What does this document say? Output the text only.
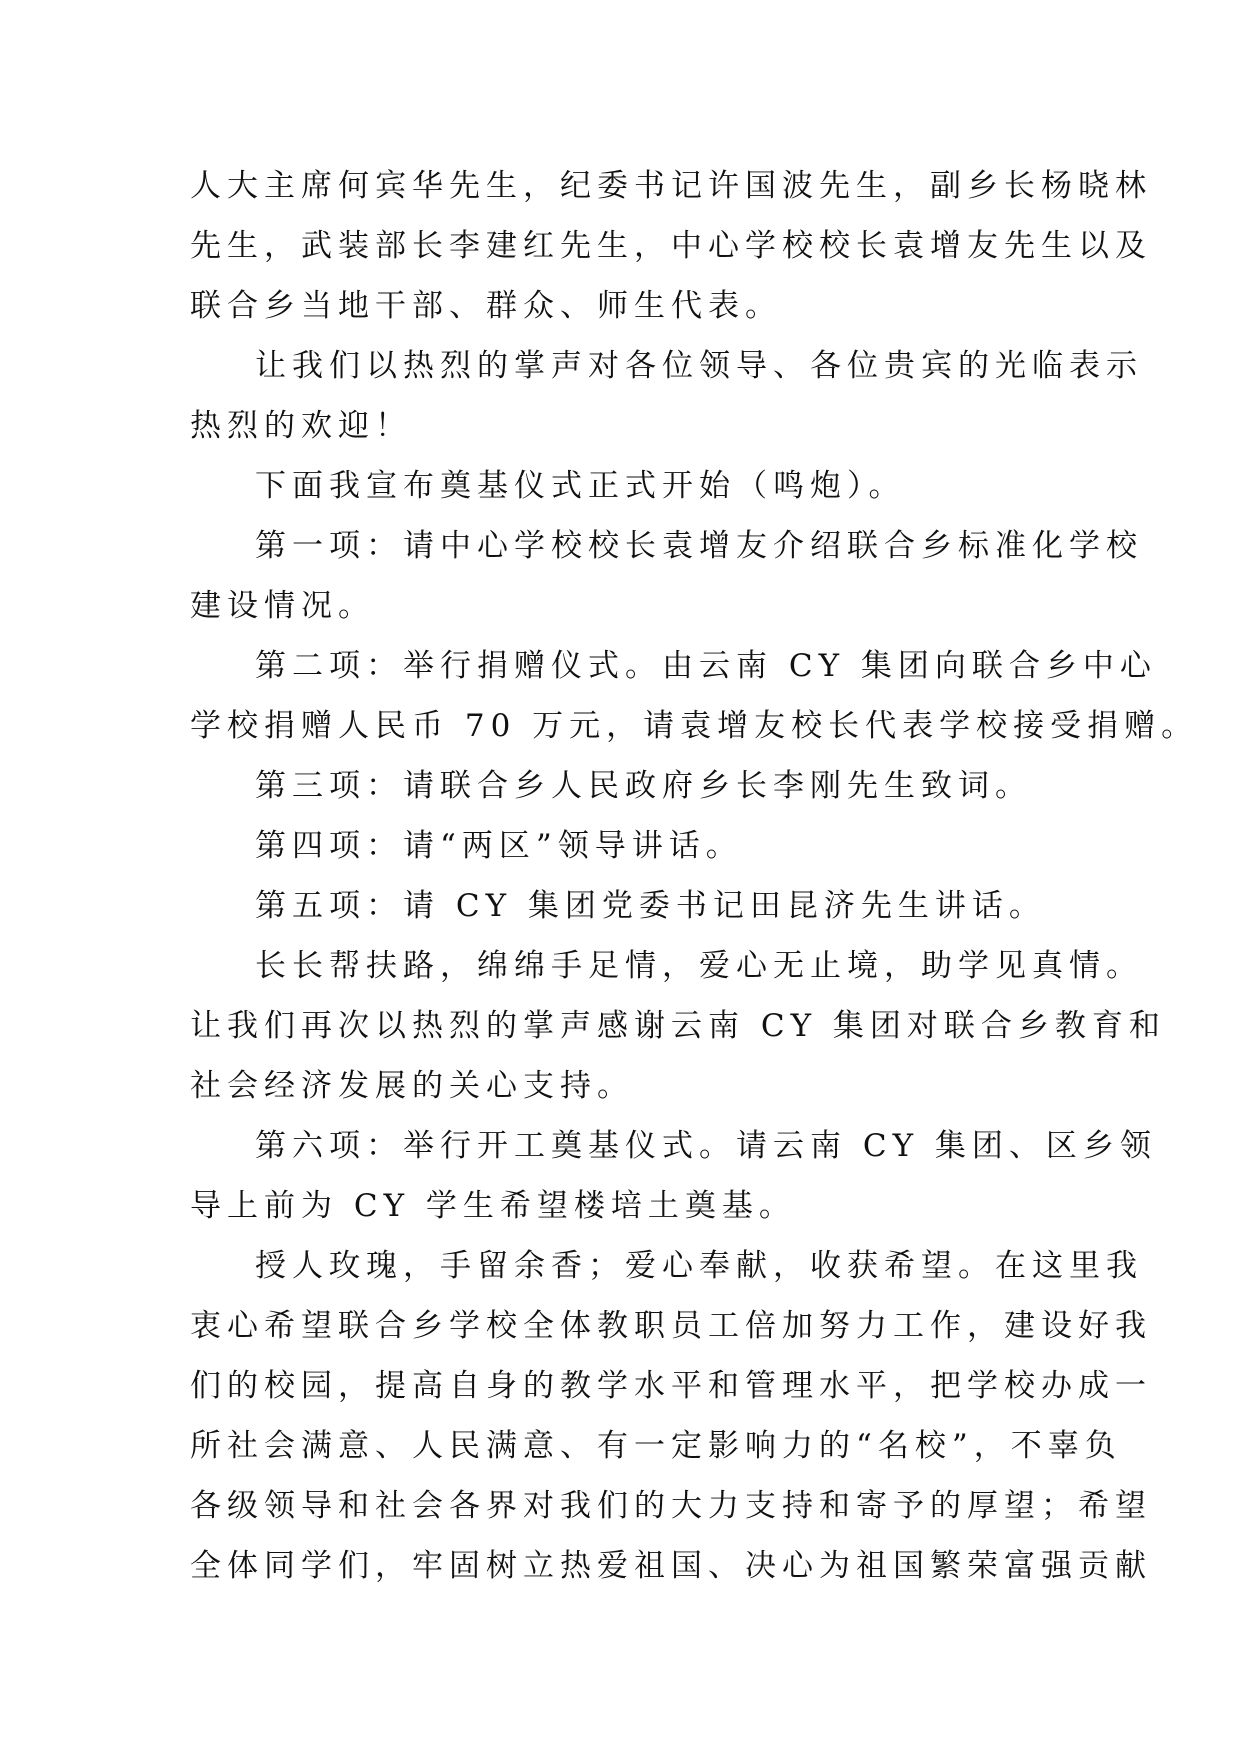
人大主席何宾华先生，纪委书记许国波先生，副乡长杨晓林
先生，武装部长李建红先生，中心学校校长袁增友先生以及
联合乡当地干部、群众、师生代表。
让我们以热烈的掌声对各位领导、各位贵宾的光临表示
热烈的欢迎！
下面我宣布奠基仪式正式开始（鸣炮）。
第一项：请中心学校校长袁增友介绍联合乡标准化学校
建设情况。
第二项：举行捐赠仪式。由云南 CY 集团向联合乡中心
学校捐赠人民币 70 万元，请袁增友校长代表学校接受捐赠。
第三项：请联合乡人民政府乡长李刚先生致词。
第四项：请“两区”领导讲话。
第五项：请 CY 集团党委书记田昆济先生讲话。
长长帮扶路，绵绵手足情，爱心无止境，助学见真情。
让我们再次以热烈的掌声感谢云南 CY 集团对联合乡教育和
社会经济发展的关心支持。
第六项：举行开工奠基仪式。请云南 CY 集团、区乡领
导上前为 CY 学生希望楼培土奠基。
授人玫瑰，手留余香；爱心奉献，收获希望。在这里我
衷心希望联合乡学校全体教职员工倍加努力工作，建设好我
们的校园，提高自身的教学水平和管理水平，把学校办成一
所社会满意、人民满意、有一定影响力的“名校”，不辜负
各级领导和社会各界对我们的大力支持和寄予的厚望；希望
全体同学们，牢固树立热爱祖国、决心为祖国繁荣富强贡献
